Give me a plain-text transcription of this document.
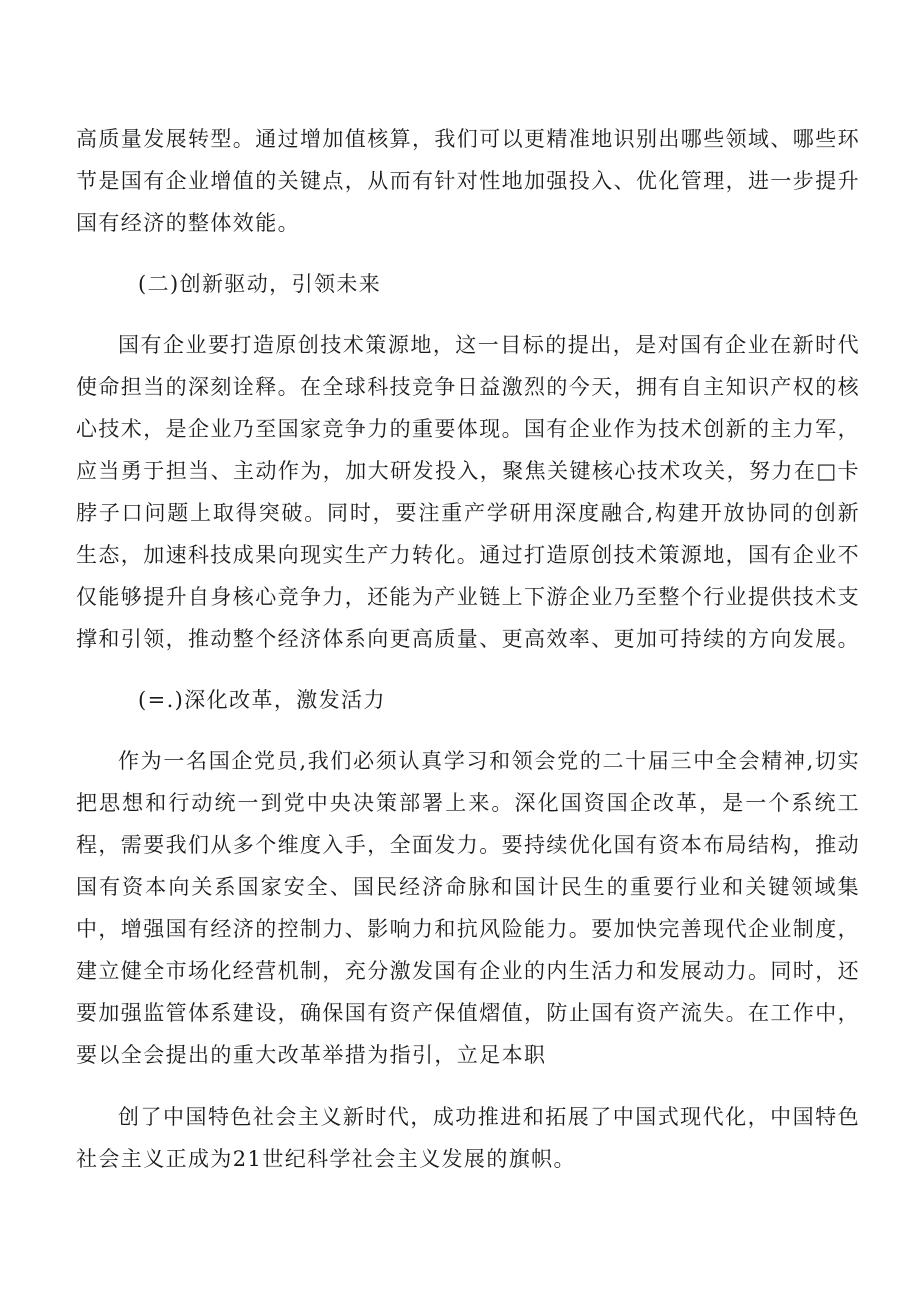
高质量发展转型。通过增加值核算，我们可以更精准地识别出哪些领域、哪些环节是国有企业增值的关键点，从而有针对性地加强投入、优化管理，进一步提升国有经济的整体效能。

(二)创新驱动，引领未来

国有企业要打造原创技术策源地，这一目标的提出，是对国有企业在新时代使命担当的深刻诠释。在全球科技竞争日益激烈的今天，拥有自主知识产权的核心技术，是企业乃至国家竞争力的重要体现。国有企业作为技术创新的主力军，应当勇于担当、主动作为，加大研发投入，聚焦关键核心技术攻关，努力在□卡脖子口问题上取得突破。同时，要注重产学研用深度融合,构建开放协同的创新生态，加速科技成果向现实生产力转化。通过打造原创技术策源地，国有企业不仅能够提升自身核心竞争力，还能为产业链上下游企业乃至整个行业提供技术支撑和引领，推动整个经济体系向更高质量、更高效率、更加可持续的方向发展。

(=.)深化改革，激发活力

作为一名国企党员,我们必须认真学习和领会党的二十届三中全会精神,切实把思想和行动统一到党中央决策部署上来。深化国资国企改革，是一个系统工程，需要我们从多个维度入手，全面发力。要持续优化国有资本布局结构，推动国有资本向关系国家安全、国民经济命脉和国计民生的重要行业和关键领域集中，增强国有经济的控制力、影响力和抗风险能力。要加快完善现代企业制度，建立健全市场化经营机制，充分激发国有企业的内生活力和发展动力。同时，还要加强监管体系建设，确保国有资产保值熠值，防止国有资产流失。在工作中，要以全会提出的重大改革举措为指引，立足本职

创了中国特色社会主义新时代，成功推进和拓展了中国式现代化，中国特色社会主义正成为21世纪科学社会主义发展的旗帜。
